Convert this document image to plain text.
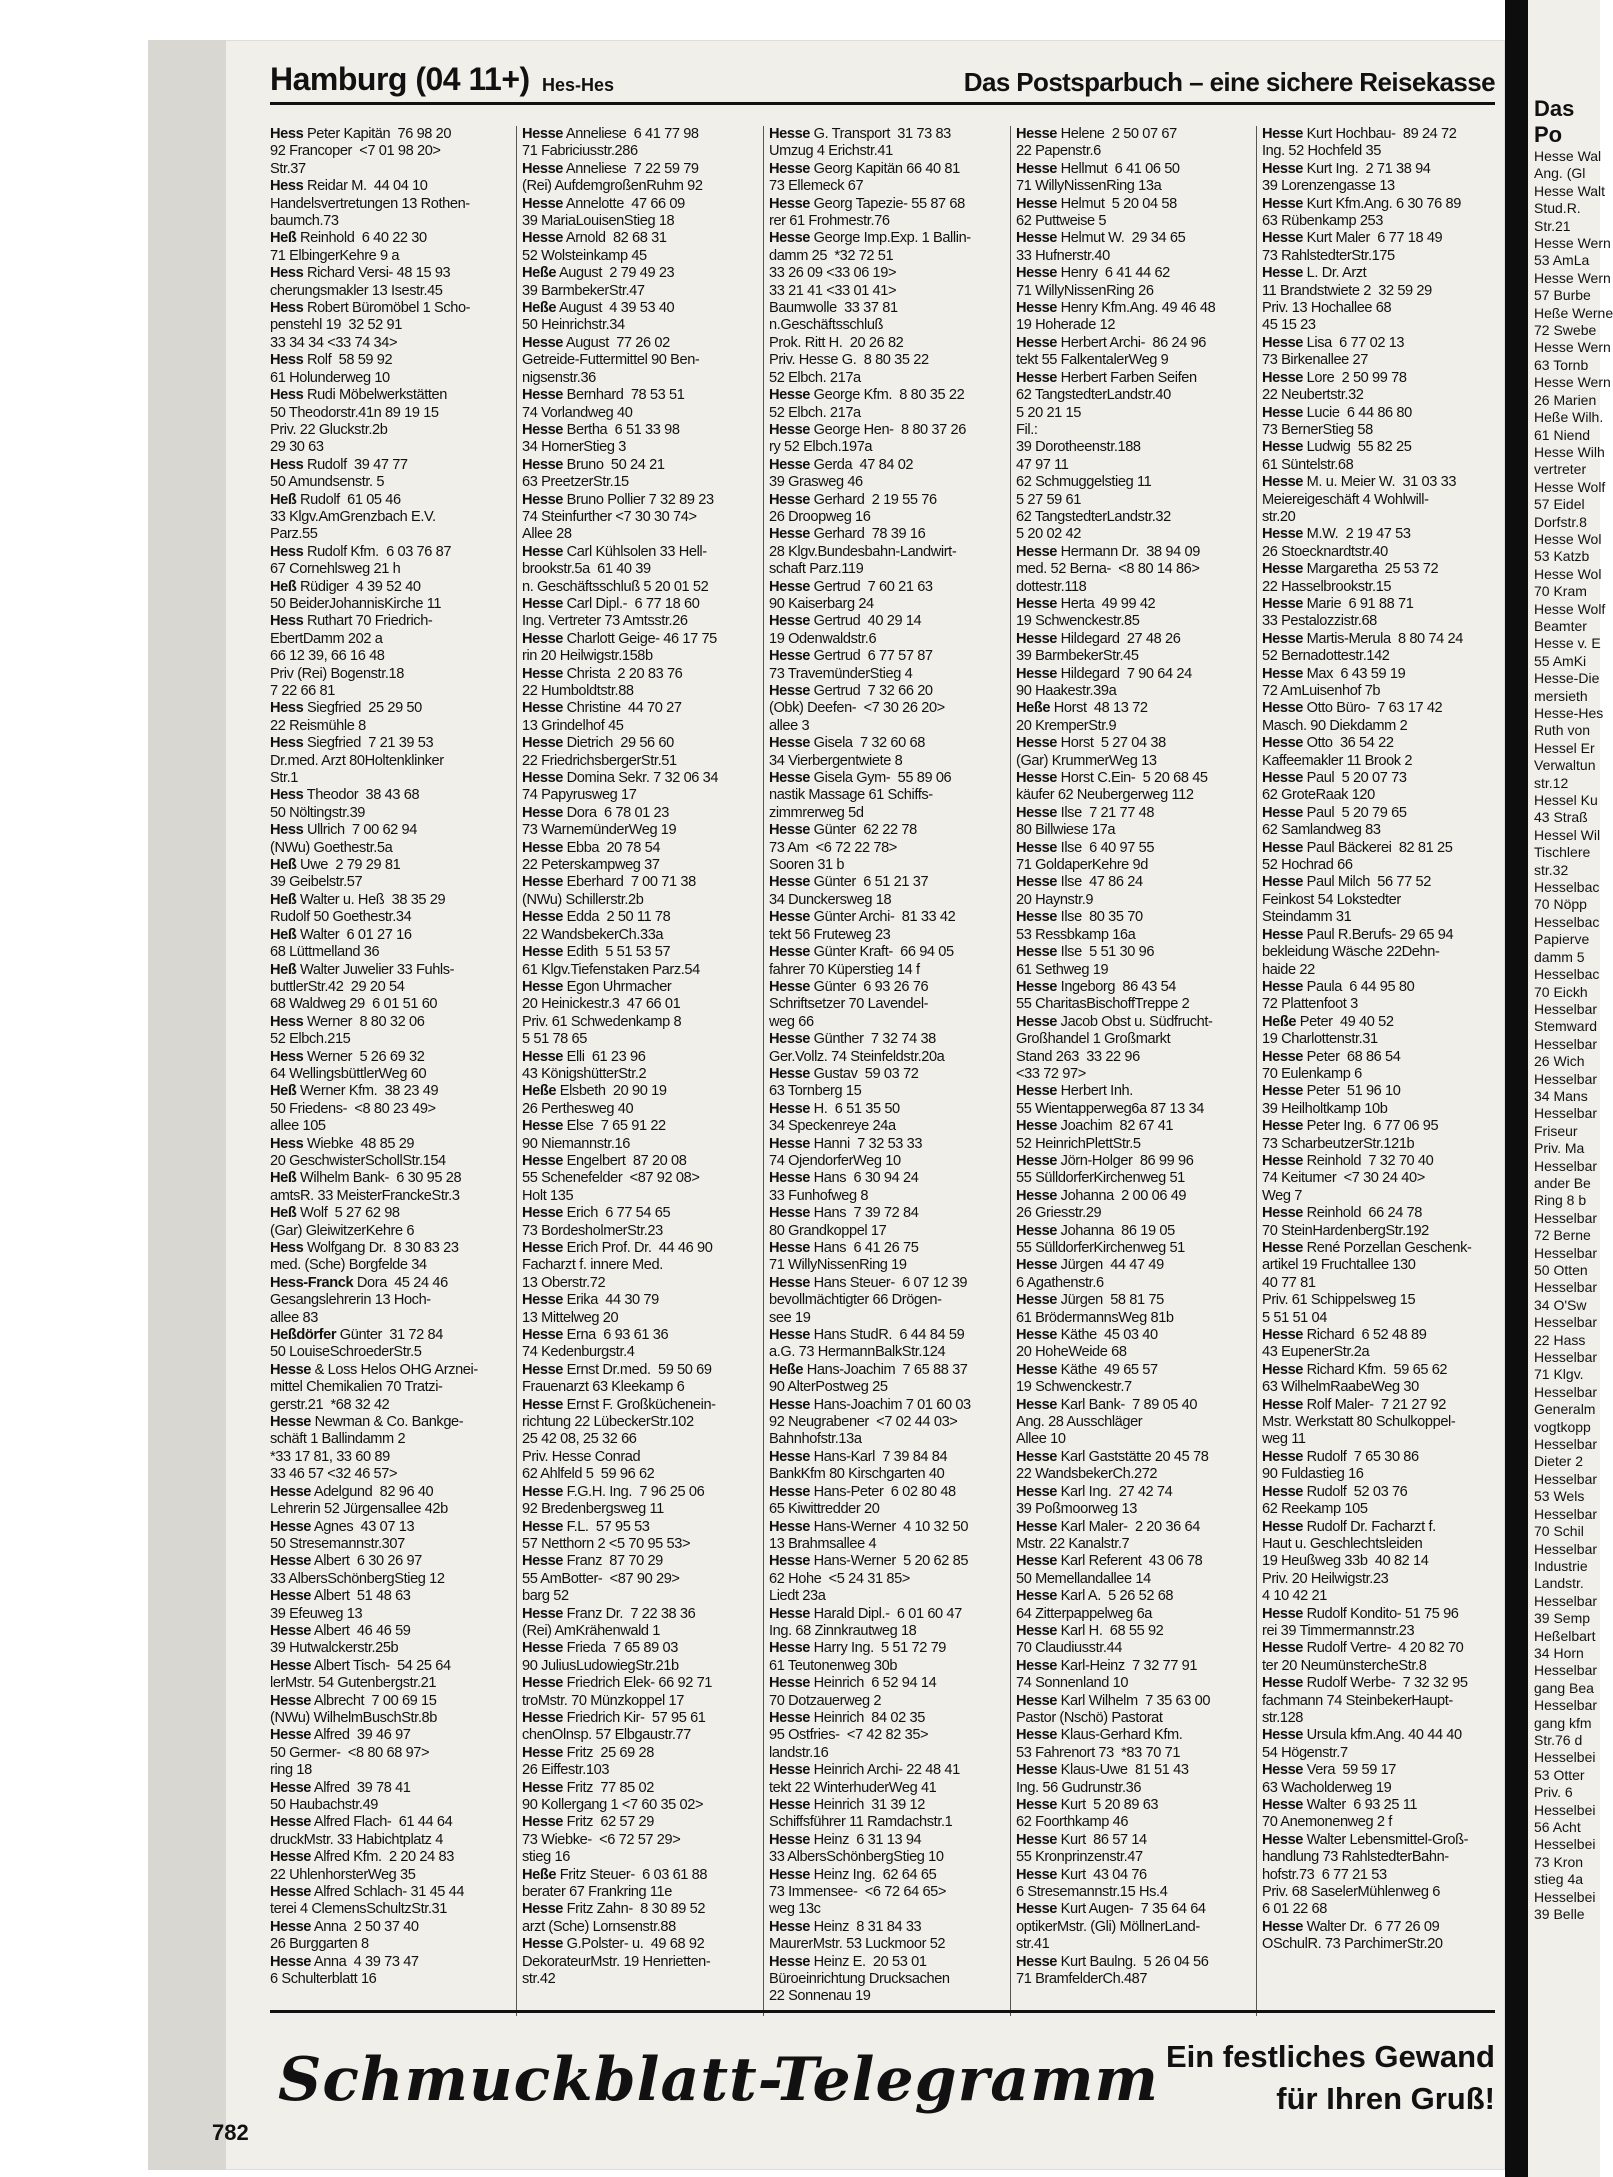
Hamburg (04 11+) Hes-Hes	Das Postsparbuch – eine sichere Reisekasse
Hess Peter Kapitän  76 98 20
92 Francoper  <7 01 98 20>
Str.37
Hess Reidar M.  44 04 10
Handelsvertretungen 13 Rothen-
baumch.73
Heß Reinhold  6 40 22 30
71 ElbingerKehre 9 a
Hess Richard Versi- 48 15 93
cherungsmakler 13 Isestr.45
Hess Robert Büromöbel 1 Scho-
penstehl 19  32 52 91
33 34 34 <33 74 34>
Hess Rolf  58 59 92
61 Holunderweg 10
Hess Rudi Möbelwerkstätten
50 Theodorstr.41n 89 19 15
Priv. 22 Gluckstr.2b
29 30 63
Hess Rudolf  39 47 77
50 Amundsenstr. 5
Heß Rudolf  61 05 46
33 Klgv.AmGrenzbach E.V.
Parz.55
Hess Rudolf Kfm.  6 03 76 87
67 Cornehlsweg 21 h
Heß Rüdiger  4 39 52 40
50 BeiderJohannisKirche 11
Hess Ruthart 70 Friedrich-
EbertDamm 202 a
66 12 39, 66 16 48
Priv (Rei) Bogenstr.18
7 22 66 81
Hess Siegfried  25 29 50
22 Reismühle 8
Hess Siegfried  7 21 39 53
Dr.med. Arzt 80Holtenklinker
Str.1
Hess Theodor  38 43 68
50 Nöltingstr.39
Hess Ullrich  7 00 62 94
(NWu) Goethestr.5a
Heß Uwe  2 79 29 81
39 Geibelstr.57
Heß Walter u. Heß  38 35 29
Rudolf 50 Goethestr.34
Heß Walter  6 01 27 16
68 Lüttmelland 36
Heß Walter Juwelier 33 Fuhls-
buttlerStr.42  29 20 54
68 Waldweg 29  6 01 51 60
Hess Werner  8 80 32 06
52 Elbch.215
Hess Werner  5 26 69 32
64 WellingsbüttlerWeg 60
Heß Werner Kfm.  38 23 49
50 Friedens-  <8 80 23 49>
allee 105
Hess Wiebke  48 85 29
20 GeschwisterSchollStr.154
Heß Wilhelm Bank-  6 30 95 28
amtsR. 33 MeisterFranckeStr.3
Heß Wolf  5 27 62 98
(Gar) GleiwitzerKehre 6
Hess Wolfgang Dr.  8 30 83 23
med. (Sche) Borgfelde 34
Hess-Franck Dora  45 24 46
Gesangslehrerin 13 Hoch-
allee 83
Heßdörfer Günter  31 72 84
50 LouiseSchroederStr.5
Hesse & Loss Helos OHG Arznei-
mittel Chemikalien 70 Tratzi-
gerstr.21  *68 32 42
Hesse Newman & Co. Bankge-
schäft 1 Ballindamm 2
*33 17 81, 33 60 89
33 46 57 <32 46 57>
Hesse Adelgund  82 96 40
Lehrerin 52 Jürgensallee 42b
Hesse Agnes  43 07 13
50 Stresemannstr.307
Hesse Albert  6 30 26 97
33 AlbersSchönbergStieg 12
Hesse Albert  51 48 63
39 Efeuweg 13
Hesse Albert  46 46 59
39 Hutwalckerstr.25b
Hesse Albert Tisch-  54 25 64
lerMstr. 54 Gutenbergstr.21
Hesse Albrecht  7 00 69 15
(NWu) WilhelmBuschStr.8b
Hesse Alfred  39 46 97
50 Germer-  <8 80 68 97>
ring 18
Hesse Alfred  39 78 41
50 Haubachstr.49
Hesse Alfred Flach-  61 44 64
druckMstr. 33 Habichtplatz 4
Hesse Alfred Kfm.  2 20 24 83
22 UhlenhorsterWeg 35
Hesse Alfred Schlach- 31 45 44
terei 4 ClemensSchultzStr.31
Hesse Anna  2 50 37 40
26 Burggarten 8
Hesse Anna  4 39 73 47
6 Schulterblatt 16
Hesse Anneliese  6 41 77 98
71 Fabriciusstr.286
Hesse Anneliese  7 22 59 79
(Rei) AufdemgroßenRuhm 92
Hesse Annelotte  47 66 09
39 MariaLouisenStieg 18
Hesse Arnold  82 68 31
52 Wolsteinkamp 45
Heße August  2 79 49 23
39 BarmbekerStr.47
Heße August  4 39 53 40
50 Heinrichstr.34
Hesse August  77 26 02
Getreide-Futtermittel 90 Ben-
nigsenstr.36
Hesse Bernhard  78 53 51
74 Vorlandweg 40
Hesse Bertha  6 51 33 98
34 HornerStieg 3
Hesse Bruno  50 24 21
63 PreetzerStr.15
Hesse Bruno Pollier 7 32 89 23
74 Steinfurther <7 30 30 74>
Allee 28
Hesse Carl Kühlsolen 33 Hell-
brookstr.5a  61 40 39
n. Geschäftsschluß 5 20 01 52
Hesse Carl Dipl.-  6 77 18 60
Ing. Vertreter 73 Amtsstr.26
Hesse Charlott Geige- 46 17 75
rin 20 Heilwigstr.158b
Hesse Christa  2 20 83 76
22 Humboldtstr.88
Hesse Christine  44 70 27
13 Grindelhof 45
Hesse Dietrich  29 56 60
22 FriedrichsbergerStr.51
Hesse Domina Sekr. 7 32 06 34
74 Papyrusweg 17
Hesse Dora  6 78 01 23
73 WarnemünderWeg 19
Hesse Ebba  20 78 54
22 Peterskampweg 37
Hesse Eberhard  7 00 71 38
(NWu) Schillerstr.2b
Hesse Edda  2 50 11 78
22 WandsbekerCh.33a
Hesse Edith  5 51 53 57
61 Klgv.Tiefenstaken Parz.54
Hesse Egon Uhrmacher
20 Heinickestr.3  47 66 01
Priv. 61 Schwedenkamp 8
5 51 78 65
Hesse Elli  61 23 96
43 KönigshütterStr.2
Heße Elsbeth  20 90 19
26 Perthesweg 40
Hesse Else  7 65 91 22
90 Niemannstr.16
Hesse Engelbert  87 20 08
55 Schenefelder  <87 92 08>
Holt 135
Hesse Erich  6 77 54 65
73 BordesholmerStr.23
Hesse Erich Prof. Dr.  44 46 90
Facharzt f. innere Med.
13 Oberstr.72
Hesse Erika  44 30 79
13 Mittelweg 20
Hesse Erna  6 93 61 36
74 Kedenburgstr.4
Hesse Ernst Dr.med.  59 50 69
Frauenarzt 63 Kleekamp 6
Hesse Ernst F. Großkücheneіn-
richtung 22 LübeckerStr.102
25 42 08, 25 32 66
Priv. Hesse Conrad
62 Ahlfeld 5  59 96 62
Hesse F.G.H. Ing.  7 96 25 06
92 Bredenbergsweg 11
Hesse F.L.  57 95 53
57 Netthorn 2 <5 70 95 53>
Hesse Franz  87 70 29
55 AmBotter-  <87 90 29>
barg 52
Hesse Franz Dr.  7 22 38 36
(Rei) AmKrähenwald 1
Hesse Frieda  7 65 89 03
90 JuliusLudowiegStr.21b
Hesse Friedrich Elek- 66 92 71
troMstr. 70 Münzkoppel 17
Hesse Friedrich Kir-  57 95 61
chenOlnsp. 57 Elbgaustr.77
Hesse Fritz  25 69 28
26 Eiffestr.103
Hesse Fritz  77 85 02
90 Kollergang 1 <7 60 35 02>
Hesse Fritz  62 57 29
73 Wiebke-  <6 72 57 29>
stieg 16
Heße Fritz Steuer-  6 03 61 88
berater 67 Frankring 11e
Hesse Fritz Zahn-  8 30 89 52
arzt (Sche) Lornsenstr.88
Hesse G.Polster- u.  49 68 92
DekorateurMstr. 19 Henrietten-
str.42
Hesse G. Transport  31 73 83
Umzug 4 Erichstr.41
Hesse Georg Kapitän 66 40 81
73 Ellemeck 67
Hesse Georg Tapezie- 55 87 68
rer 61 Frohmestr.76
Hesse George Imp.Exp. 1 Ballin-
damm 25  *32 72 51
33 26 09 <33 06 19>
33 21 41 <33 01 41>
Baumwolle  33 37 81
n.Geschäftsschluß
Prok. Ritt H.  20 26 82
Priv. Hesse G.  8 80 35 22
52 Elbch. 217a
Hesse George Kfm.  8 80 35 22
52 Elbch. 217a
Hesse George Hen-  8 80 37 26
ry 52 Elbch.197a
Hesse Gerda  47 84 02
39 Grasweg 46
Hesse Gerhard  2 19 55 76
26 Droopweg 16
Hesse Gerhard  78 39 16
28 Klgv.Bundesbahn-Landwirt-
schaft Parz.119
Hesse Gertrud  7 60 21 63
90 Kaiserbarg 24
Hesse Gertrud  40 29 14
19 Odenwaldstr.6
Hesse Gertrud  6 77 57 87
73 TravemünderStieg 4
Hesse Gertrud  7 32 66 20
(Obk) Deefen-  <7 30 26 20>
allee 3
Hesse Gisela  7 32 60 68
34 Vierbergentwiete 8
Hesse Gisela Gym-  55 89 06
nastik Massage 61 Schiffs-
zimmrerweg 5d
Hesse Günter  62 22 78
73 Am  <6 72 22 78>
Sooren 31 b
Hesse Günter  6 51 21 37
34 Dunckersweg 18
Hesse Günter Archi-  81 33 42
tekt 56 Fruteweg 23
Hesse Günter Kraft-  66 94 05
fahrer 70 Küperstieg 14 f
Hesse Günter  6 93 26 76
Schriftsetzer 70 Lavendel-
weg 66
Hesse Günther  7 32 74 38
Ger.Vollz. 74 Steinfeldstr.20a
Hesse Gustav  59 03 72
63 Tornberg 15
Hesse H.  6 51 35 50
34 Speckenreye 24a
Hesse Hanni  7 32 53 33
74 OjendorferWeg 10
Hesse Hans  6 30 94 24
33 Funhofweg 8
Hesse Hans  7 39 72 84
80 Grandkoppel 17
Hesse Hans  6 41 26 75
71 WillyNissenRing 19
Hesse Hans Steuer-  6 07 12 39
bevollmächtigter 66 Drögen-
see 19
Hesse Hans StudR.  6 44 84 59
a.G. 73 HermannBalkStr.124
Heße Hans-Joachim  7 65 88 37
90 AlterPostweg 25
Hesse Hans-Joachim 7 01 60 03
92 Neugrabener  <7 02 44 03>
Bahnhofstr.13a
Hesse Hans-Karl  7 39 84 84
BankKfm 80 Kirschgarten 40
Hesse Hans-Peter  6 02 80 48
65 Kiwittredder 20
Hesse Hans-Werner  4 10 32 50
13 Brahmsallee 4
Hesse Hans-Werner  5 20 62 85
62 Hohe  <5 24 31 85>
Liedt 23a
Hesse Harald Dipl.-  6 01 60 47
Ing. 68 Zinnkrautweg 18
Hesse Harry Ing.  5 51 72 79
61 Teutonenweg 30b
Hesse Heinrich  6 52 94 14
70 Dotzauerweg 2
Hesse Heinrich  84 02 35
95 Ostfries-  <7 42 82 35>
landstr.16
Hesse Heinrich Archi- 22 48 41
tekt 22 WinterhuderWeg 41
Hesse Heinrich  31 39 12
Schiffsführer 11 Ramdachstr.1
Hesse Heinz  6 31 13 94
33 AlbersSchönbergStieg 10
Hesse Heinz Ing.  62 64 65
73 Immensee-  <6 72 64 65>
weg 13c
Hesse Heinz  8 31 84 33
MaurerMstr. 53 Luckmoor 52
Hesse Heinz E.  20 53 01
Büroeinrichtung Drucksachen
22 Sonnenau 19
Hesse Helene  2 50 07 67
22 Papenstr.6
Hesse Hellmut  6 41 06 50
71 WillyNissenRing 13a
Hesse Helmut  5 20 04 58
62 Puttweise 5
Hesse Helmut W.  29 34 65
33 Hufnerstr.40
Hesse Henry  6 41 44 62
71 WillyNissenRing 26
Hesse Henry Kfm.Ang. 49 46 48
19 Hoherade 12
Hesse Herbert Archi-  86 24 96
tekt 55 FalkentalerWeg 9
Hesse Herbert Farben Seifen
62 TangstedterLandstr.40
5 20 21 15
Fil.:
39 Dorotheenstr.188
47 97 11
62 Schmuggelstieg 11
5 27 59 61
62 TangstedterLandstr.32
5 20 02 42
Hesse Hermann Dr.  38 94 09
med. 52 Berna-  <8 80 14 86>
dottestr.118
Hesse Herta  49 99 42
19 Schwenckestr.85
Hesse Hildegard  27 48 26
39 BarmbekerStr.45
Hesse Hildegard  7 90 64 24
90 Haakestr.39a
Heße Horst  48 13 72
20 KremperStr.9
Hesse Horst  5 27 04 38
(Gar) KrummerWeg 13
Hesse Horst C.Ein-  5 20 68 45
käufer 62 Neubergerweg 112
Hesse Ilse  7 21 77 48
80 Billwiese 17a
Hesse Ilse  6 40 97 55
71 GoldaperKehre 9d
Hesse Ilse  47 86 24
20 Haynstr.9
Hesse Ilse  80 35 70
53 Ressbkamp 16a
Hesse Ilse  5 51 30 96
61 Sethweg 19
Hesse Ingeborg  86 43 54
55 CharitasBischoffTreppe 2
Hesse Jacob Obst u. Südfrucht-
Großhandel 1 Großmarkt
Stand 263  33 22 96
<33 72 97>
Hesse Herbert Inh.
55 Wientapperweg6a 87 13 34
Hesse Joachim  82 67 41
52 HeinrichPlettStr.5
Hesse Jörn-Holger  86 99 96
55 SülldorferKirchenweg 51
Hesse Johanna  2 00 06 49
26 Griesstr.29
Hesse Johanna  86 19 05
55 SülldorferKirchenweg 51
Hesse Jürgen  44 47 49
6 Agathenstr.6
Hesse Jürgen  58 81 75
61 BrödermannsWeg 81b
Hesse Käthe  45 03 40
20 HoheWeide 68
Hesse Käthe  49 65 57
19 Schwenckestr.7
Hesse Karl Bank-  7 89 05 40
Ang. 28 Ausschläger
Allee 10
Hesse Karl Gaststätte 20 45 78
22 WandsbekerCh.272
Hesse Karl Ing.  27 42 74
39 Poßmoorweg 13
Hesse Karl Maler-  2 20 36 64
Mstr. 22 Kanalstr.7
Hesse Karl Referent  43 06 78
50 Memellandallee 14
Hesse Karl A.  5 26 52 68
64 Zitterpappelweg 6a
Hesse Karl H.  68 55 92
70 Claudiusstr.44
Hesse Karl-Heinz  7 32 77 91
74 Sonnenland 10
Hesse Karl Wilhelm  7 35 63 00
Pastor (Nschö) Pastorat
Hesse Klaus-Gerhard Kfm.
53 Fahrenort 73  *83 70 71
Hesse Klaus-Uwe  81 51 43
Ing. 56 Gudrunstr.36
Hesse Kurt  5 20 89 63
62 Foorthkamp 46
Hesse Kurt  86 57 14
55 Kronprinzenstr.47
Hesse Kurt  43 04 76
6 Stresemannstr.15 Hs.4
Hesse Kurt Augen-  7 35 64 64
optikerMstr. (Gli) MöllnerLand-
str.41
Hesse Kurt Baulng.  5 26 04 56
71 BramfelderCh.487
Hesse Kurt Hochbau-  89 24 72
Ing. 52 Hochfeld 35
Hesse Kurt Ing.  2 71 38 94
39 Lorenzengasse 13
Hesse Kurt Kfm.Ang. 6 30 76 89
63 Rübenkamp 253
Hesse Kurt Maler  6 77 18 49
73 RahlstedterStr.175
Hesse L. Dr. Arzt
11 Brandstwiete 2  32 59 29
Priv. 13 Hochallee 68
45 15 23
Hesse Lisa  6 77 02 13
73 Birkenallee 27
Hesse Lore  2 50 99 78
22 Neubertstr.32
Hesse Lucie  6 44 86 80
73 BernerStieg 58
Hesse Ludwig  55 82 25
61 Süntelstr.68
Hesse M. u. Meier W.  31 03 33
Meiereigeschäft 4 Wohlwill-
str.20
Hesse M.W.  2 19 47 53
26 Stoecknardtstr.40
Hesse Margaretha  25 53 72
22 Hasselbrookstr.15
Hesse Marie  6 91 88 71
33 Pestalozzistr.68
Hesse Martis-Merula  8 80 74 24
52 Bernadottestr.142
Hesse Max  6 43 59 19
72 AmLuisenhof 7b
Hesse Otto Büro-  7 63 17 42
Masch. 90 Diekdamm 2
Hesse Otto  36 54 22
Kaffeemakler 11 Brook 2
Hesse Paul  5 20 07 73
62 GroteRaak 120
Hesse Paul  5 20 79 65
62 Samlandweg 83
Hesse Paul Bäckerei  82 81 25
52 Hochrad 66
Hesse Paul Milch  56 77 52
Feinkost 54 Lokstedter
Steindamm 31
Hesse Paul R.Berufs- 29 65 94
bekleidung Wäsche 22Dehn-
haide 22
Hesse Paula  6 44 95 80
72 Plattenfoot 3
Heße Peter  49 40 52
19 Charlottenstr.31
Hesse Peter  68 86 54
70 Eulenkamp 6
Hesse Peter  51 96 10
39 Heilholtkamp 10b
Hesse Peter Ing.  6 77 06 95
73 ScharbeutzerStr.121b
Hesse Reinhold  7 32 70 40
74 Keitumer  <7 30 24 40>
Weg 7
Hesse Reinhold  66 24 78
70 SteinHardenbergStr.192
Hesse René Porzellan Geschenk-
artikel 19 Fruchtallee 130
40 77 81
Priv. 61 Schippelsweg 15
5 51 51 04
Hesse Richard  6 52 48 89
43 EupenerStr.2a
Hesse Richard Kfm.  59 65 62
63 WilhelmRaabeWeg 30
Hesse Rolf Maler-  7 21 27 92
Mstr. Werkstatt 80 Schulkoppel-
weg 11
Hesse Rudolf  7 65 30 86
90 Fuldastieg 16
Hesse Rudolf  52 03 76
62 Reekamp 105
Hesse Rudolf Dr. Facharzt f.
Haut u. Geschlechtsleiden
19 Heußweg 33b  40 82 14
Priv. 20 Heilwigstr.23
4 10 42 21
Hesse Rudolf Kondito- 51 75 96
rei 39 Timmermannstr.23
Hesse Rudolf Vertre-  4 20 82 70
ter 20 NeumünstercheStr.8
Hesse Rudolf Werbe-  7 32 32 95
fachmann 74 SteinbekerHaupt-
str.128
Hesse Ursula kfm.Ang. 40 44 40
54 Högenstr.7
Hesse Vera  59 59 17
63 Wacholderweg 19
Hesse Walter  6 93 25 11
70 Anemonenweg 2 f
Hesse Walter Lebensmittel-Groß-
handlung 73 RahlstedterBahn-
hofstr.73  6 77 21 53
Priv. 68 SaselerMühlenweg 6
6 01 22 68
Hesse Walter Dr.  6 77 26 09
OSchulR. 73 ParchimerStr.20
782
Schmuckblatt-Telegramm Ein festliches Gewand
für Ihren Gruß!
Das Po
Hesse Wal
Ang. (Gl
Hesse Walt
Stud.R.
Str.21
Hesse Wern
53 AmLa
Hesse Wern
57 Burbe
Heße Werne
72 Swebe
Hesse Wern
63 Tornb
Hesse Wern
26 Marien
Heße Wilh.
61 Niend
Hesse Wilh
vertreter
Hesse Wolf
57 Eidel
Dorfstr.8
Hesse Wol
53 Katzb
Hesse Wol
70 Kram
Hesse Wolf
Beamter
Hesse v. E
55 AmKi
Hesse-Die
mersieth
Hesse-Hes
Ruth von
Hessel Er
Verwaltun
str.12
Hessel Ku
43 Straß
Hessel Wil
Tischlere
str.32
Hesselbac
70 Nöpp
Hesselbac
Papierve
damm 5
Hesselbac
70 Eickh
Hesselbar
Stemward
Hesselbar
26 Wich
Hesselbar
34 Mans
Hesselbar
Friseur
Priv. Ma
Hesselbar
ander Be
Ring 8 b
Hesselbar
72 Berne
Hesselbar
50 Otten
Hesselbar
34 O'Sw
Hesselbar
22 Hass
Hesselbar
71 Klgv.
Hesselbar
Generalm
vogtkopp
Hesselbar
Dieter 2
Hesselbar
53 Wels
Hesselbar
70 Schil
Hesselbar
Industrie
Landstr.
Hesselbar
39 Semp
Heßelbart
34 Horn
Hesselbar
gang Bea
Hesselbar
gang kfm
Str.76 d
Hesselbei
53 Otter
Priv. 6
Hesselbei
56 Acht
Hesselbei
73 Kron
stieg 4a
Hesselbei
39 Belle
